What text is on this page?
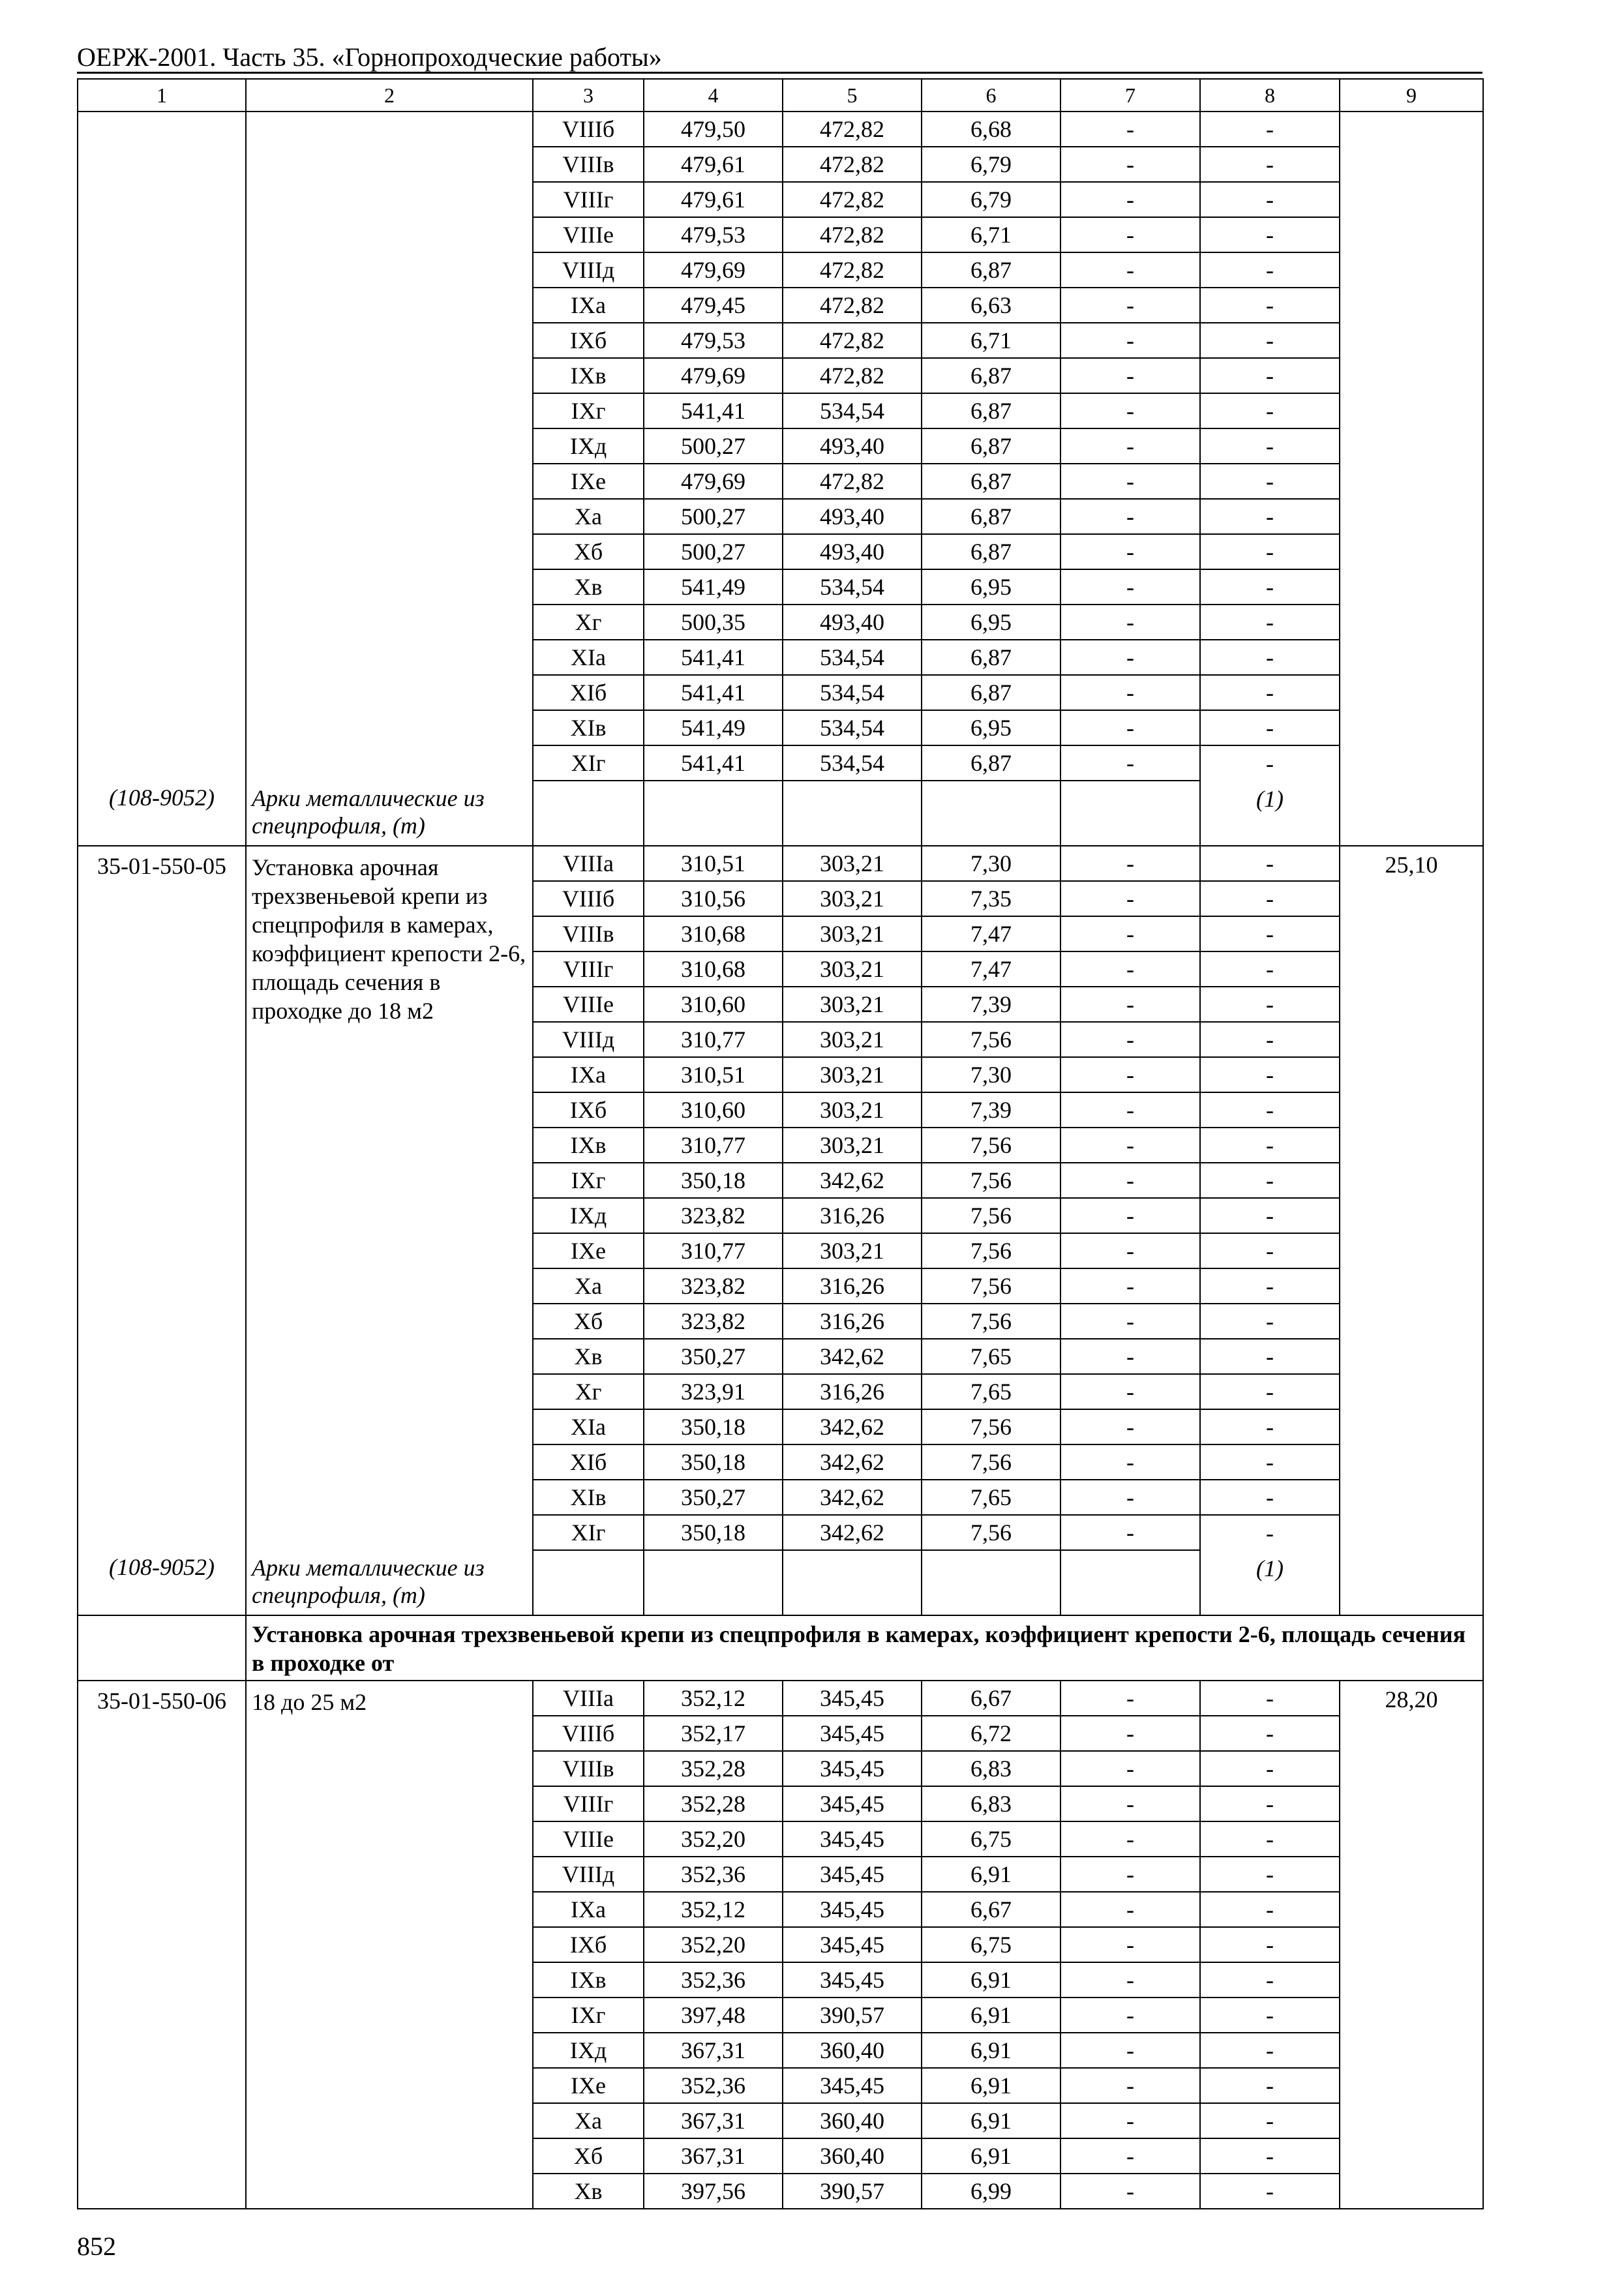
ОЕРЖ-2001. Часть 35. «Горнопроходческие работы»
1	2	3	4	5	6	7	8	9
		VIIIб	479,50	472,82	6,68	-	-	
		VIIIв	479,61	472,82	6,79	-	-	
		VIIIг	479,61	472,82	6,79	-	-	
		VIIIе	479,53	472,82	6,71	-	-	
		VIIIд	479,69	472,82	6,87	-	-	
		IXа	479,45	472,82	6,63	-	-	
		IXб	479,53	472,82	6,71	-	-	
		IXв	479,69	472,82	6,87	-	-	
		IXг	541,41	534,54	6,87	-	-	
		IXд	500,27	493,40	6,87	-	-	
		IXе	479,69	472,82	6,87	-	-	
		Xа	500,27	493,40	6,87	-	-	
		Xб	500,27	493,40	6,87	-	-	
		Xв	541,49	534,54	6,95	-	-	
		Xг	500,35	493,40	6,95	-	-	
		XIа	541,41	534,54	6,87	-	-	
		XIб	541,41	534,54	6,87	-	-	
		XIв	541,49	534,54	6,95	-	-	
		XIг	541,41	534,54	6,87	-	-	
(108-9052)	Арки металлические из спецпрофиля, (т)						(1)	
35-01-550-05	Установка арочная трехзвеньевой крепи из спецпрофиля в камерах, коэффициент крепости 2-6, площадь сечения в проходке до 18 м2	VIIIа	310,51	303,21	7,30	-	-	25,10
		VIIIб	310,56	303,21	7,35	-	-	
		VIIIв	310,68	303,21	7,47	-	-	
		VIIIг	310,68	303,21	7,47	-	-	
		VIIIе	310,60	303,21	7,39	-	-	
		VIIIд	310,77	303,21	7,56	-	-	
		IXа	310,51	303,21	7,30	-	-	
		IXб	310,60	303,21	7,39	-	-	
		IXв	310,77	303,21	7,56	-	-	
		IXг	350,18	342,62	7,56	-	-	
		IXд	323,82	316,26	7,56	-	-	
		IXе	310,77	303,21	7,56	-	-	
		Xа	323,82	316,26	7,56	-	-	
		Xб	323,82	316,26	7,56	-	-	
		Xв	350,27	342,62	7,65	-	-	
		Xг	323,91	316,26	7,65	-	-	
		XIа	350,18	342,62	7,56	-	-	
		XIб	350,18	342,62	7,56	-	-	
		XIв	350,27	342,62	7,65	-	-	
		XIг	350,18	342,62	7,56	-	-	
(108-9052)	Арки металлические из спецпрофиля, (т)						(1)	
	Установка арочная трехзвеньевой крепи из спецпрофиля в камерах, коэффициент крепости 2-6, площадь сечения в проходке от							
35-01-550-06	18 до 25 м2	VIIIа	352,12	345,45	6,67	-	-	28,20
		VIIIб	352,17	345,45	6,72	-	-	
		VIIIв	352,28	345,45	6,83	-	-	
		VIIIг	352,28	345,45	6,83	-	-	
		VIIIе	352,20	345,45	6,75	-	-	
		VIIIд	352,36	345,45	6,91	-	-	
		IXа	352,12	345,45	6,67	-	-	
		IXб	352,20	345,45	6,75	-	-	
		IXв	352,36	345,45	6,91	-	-	
		IXг	397,48	390,57	6,91	-	-	
		IXд	367,31	360,40	6,91	-	-	
		IXе	352,36	345,45	6,91	-	-	
		Xа	367,31	360,40	6,91	-	-	
		Xб	367,31	360,40	6,91	-	-	
		Xв	397,56	390,57	6,99	-	-	
852
